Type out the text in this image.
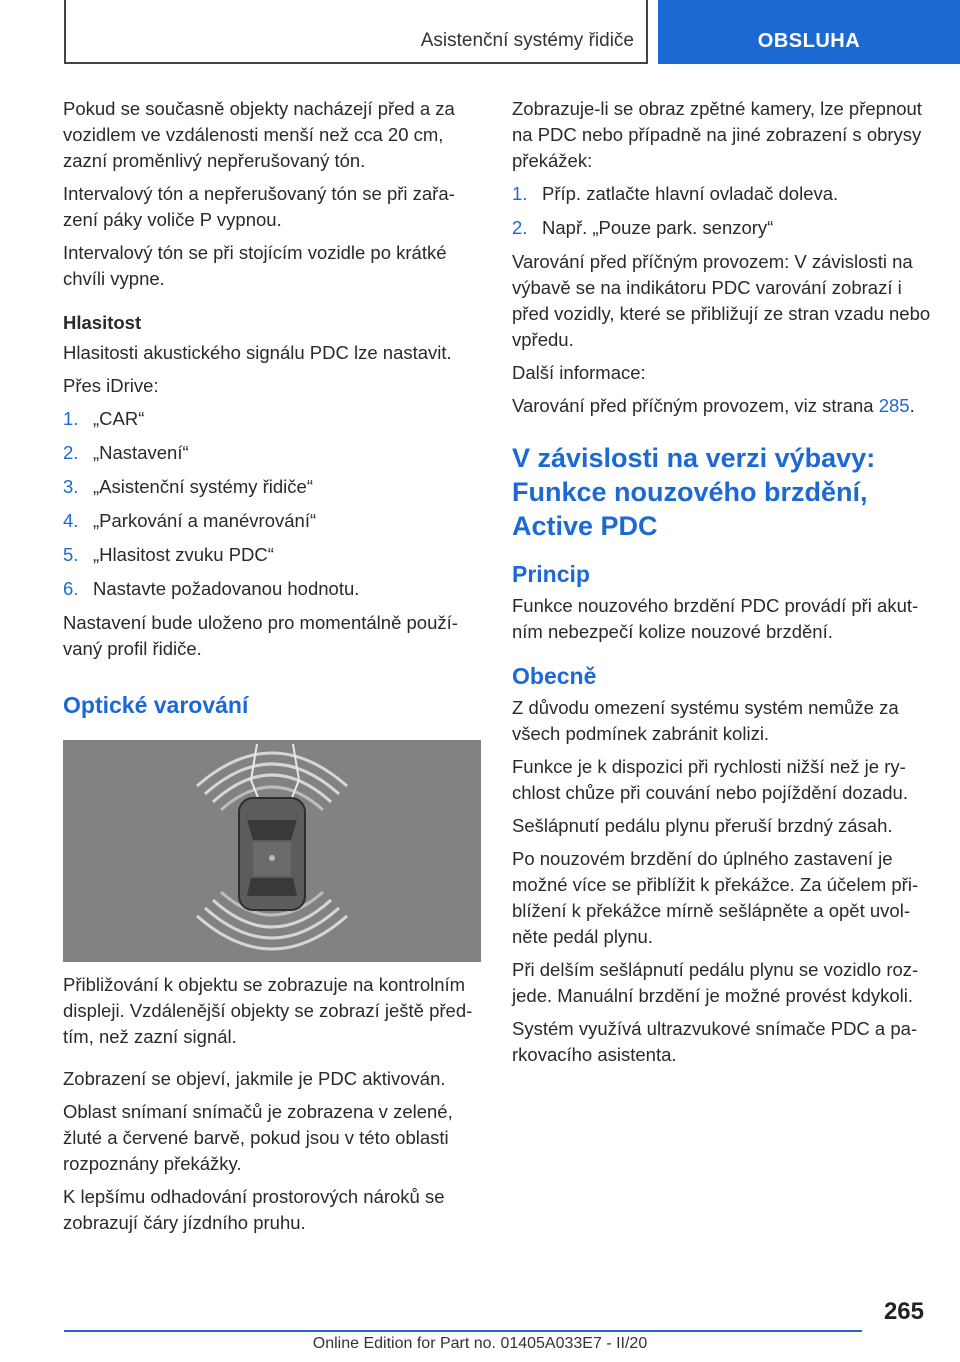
Asistenční systémy řidiče	OBSLUHA

Pokud se současně objekty nacházejí před a za vozidlem ve vzdálenosti menší než cca 20 cm, zazní proměnlivý nepřerušovaný tón.

Intervalový tón a nepřerušovaný tón se při zařazení páky voliče P vypnou.

Intervalový tón se při stojícím vozidle po krátké chvíli vypne.

Hlasitost

Hlasitosti akustického signálu PDC lze nastavit.

Přes iDrive:

1. „CAR“
2. „Nastavení“
3. „Asistenční systémy řidiče“
4. „Parkování a manévrování“
5. „Hlasitost zvuku PDC“
6. Nastavte požadovanou hodnotu.

Nastavení bude uloženo pro momentálně používaný profil řidiče.

Optické varování

Přibližování k objektu se zobrazuje na kontrolním displeji. Vzdálenější objekty se zobrazí ještě předtím, než zazní signál.

Zobrazení se objeví, jakmile je PDC aktivován.

Oblast snímaní snímačů je zobrazena v zelené, žluté a červené barvě, pokud jsou v této oblasti rozpoznány překážky.

K lepšímu odhadování prostorových nároků se zobrazují čáry jízdního pruhu.

Zobrazuje-li se obraz zpětné kamery, lze přepnout na PDC nebo případně na jiné zobrazení s obrysy překážek:

1. Příp. zatlačte hlavní ovladač doleva.
2. Např. „Pouze park. senzory“

Varování před příčným provozem: V závislosti na výbavě se na indikátoru PDC varování zobrazí i před vozidly, které se přibližují ze stran vzadu nebo vpředu.

Další informace:

Varování před příčným provozem, viz strana 285.

V závislosti na verzi výbavy:
Funkce nouzového brzdění,
Active PDC
Princip

Funkce nouzového brzdění PDC provádí při akutním nebezpečí kolize nouzové brzdění.

Obecně

Z důvodu omezení systému systém nemůže za všech podmínek zabránit kolizi.

Funkce je k dispozici při rychlosti nižší než je rychlost chůze při couvání nebo pojíždění dozadu.

Sešlápnutí pedálu plynu přeruší brzdný zásah.

Po nouzovém brzdění do úplného zastavení je možné více se přiblížit k překážce. Za účelem přiblížení k překážce mírně sešlápněte a opět uvolněte pedál plynu.

Při delším sešlápnutí pedálu plynu se vozidlo rozjede. Manuální brzdění je možné provést kdykoli.

Systém využívá ultrazvukové snímače PDC a parkovacího asistenta.

265
Online Edition for Part no. 01405A033E7 - II/20
